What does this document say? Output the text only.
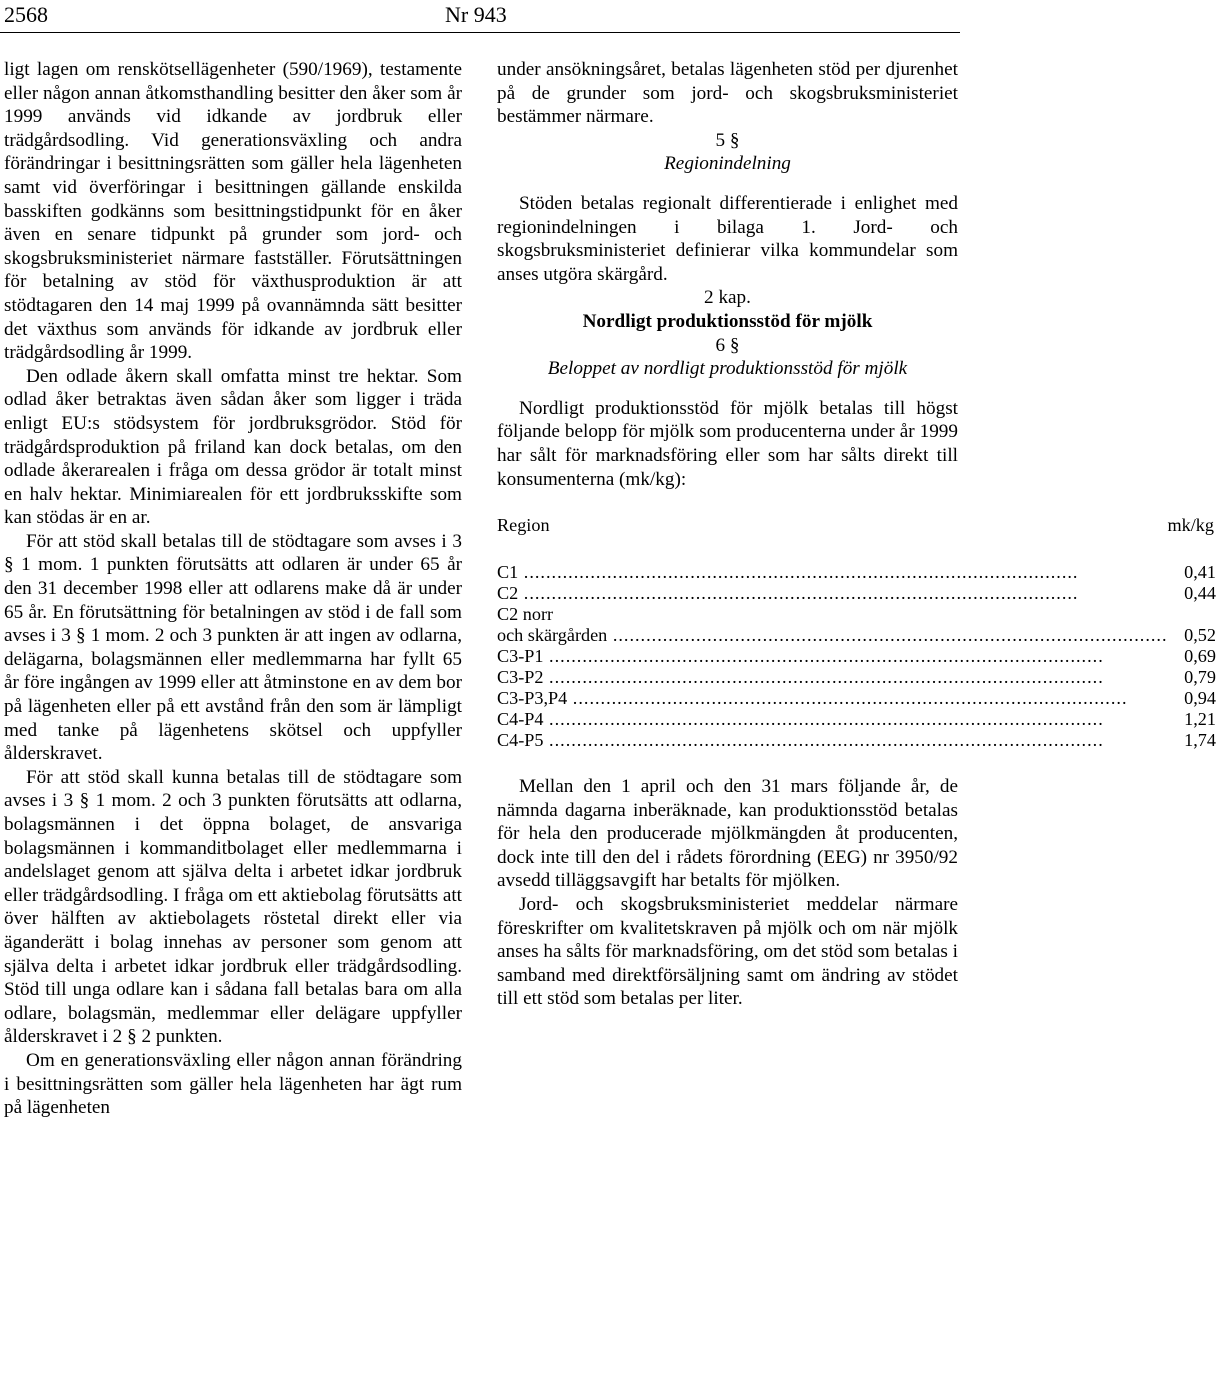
2568	Nr 943

ligt lagen om renskötsellägenheter (590/1969), testamente eller någon annan åtkomsthandling besitter den åker som år 1999 används vid idkande av jordbruk eller trädgårdsodling. Vid generationsväxling och andra förändringar i besittningsrätten som gäller hela lägenheten samt vid överföringar i besittningen gällande enskilda basskiften godkänns som besittningstidpunkt för en åker även en senare tidpunkt på grunder som jord- och skogsbruksministeriet närmare fastställer. Förutsättningen för betalning av stöd för växthusproduktion är att stödtagaren den 14 maj 1999 på ovannämnda sätt besitter det växthus som används för idkande av jordbruk eller trädgårdsodling år 1999.

Den odlade åkern skall omfatta minst tre hektar. Som odlad åker betraktas även sådan åker som ligger i träda enligt EU:s stödsystem för jordbruksgrödor. Stöd för trädgårdsproduktion på friland kan dock betalas, om den odlade åkerarealen i fråga om dessa grödor är totalt minst en halv hektar. Minimiarealen för ett jordbruksskifte som kan stödas är en ar.

För att stöd skall betalas till de stödtagare som avses i 3 § 1 mom. 1 punkten förutsätts att odlaren är under 65 år den 31 december 1998 eller att odlarens make då är under 65 år. En förutsättning för betalningen av stöd i de fall som avses i 3 § 1 mom. 2 och 3 punkten är att ingen av odlarna, delägarna, bolagsmännen eller medlemmarna har fyllt 65 år före ingången av 1999 eller att åtminstone en av dem bor på lägenheten eller på ett avstånd från den som är lämpligt med tanke på lägenhetens skötsel och uppfyller ålderskravet.

För att stöd skall kunna betalas till de stödtagare som avses i 3 § 1 mom. 2 och 3 punkten förutsätts att odlarna, bolagsmännen i det öppna bolaget, de ansvariga bolagsmännen i kommanditbolaget eller medlemmarna i andelslaget genom att själva delta i arbetet idkar jordbruk eller trädgårdsodling. I fråga om ett aktiebolag förutsätts att över hälften av aktiebolagets röstetal direkt eller via äganderätt i bolag innehas av personer som genom att själva delta i arbetet idkar jordbruk eller trädgårdsodling. Stöd till unga odlare kan i sådana fall betalas bara om alla odlare, bolagsmän, medlemmar eller delägare uppfyller ålderskravet i 2 § 2 punkten.

Om en generationsväxling eller någon annan förändring i besittningsrätten som gäller hela lägenheten har ägt rum på lägenheten

under ansökningsåret, betalas lägenheten stöd per djurenhet på de grunder som jord- och skogsbruksministeriet bestämmer närmare.

5 §

Regionindelning

Stöden betalas regionalt differentierade i enlighet med regionindelningen i bilaga 1. Jord- och skogsbruksministeriet definierar vilka kommundelar som anses utgöra skärgård.

2 kap.

Nordligt produktionsstöd för mjölk

6 §

Beloppet av nordligt produktionsstöd för mjölk

Nordligt produktionsstöd för mjölk betalas till högst följande belopp för mjölk som producenterna under år 1999 har sålt för marknadsföring eller som har sålts direkt till konsumenterna (mk/kg):

Region	mk/kg
C1 .....	0,41
C2 .....	0,44
C2 norr	
och skärgården .....	0,52
C3-P1 .....	0,69
C3-P2 .....	0,79
C3-P3,P4 .....	0,94
C4-P4 .....	1,21
C4-P5 .....	1,74

Mellan den 1 april och den 31 mars följande år, de nämnda dagarna inberäknade, kan produktionsstöd betalas för hela den producerade mjölkmängden åt producenten, dock inte till den del i rådets förordning (EEG) nr 3950/92 avsedd tilläggsavgift har betalts för mjölken.

Jord- och skogsbruksministeriet meddelar närmare föreskrifter om kvalitetskraven på mjölk och om när mjölk anses ha sålts för marknadsföring, om det stöd som betalas i samband med direktförsäljning samt om ändring av stödet till ett stöd som betalas per liter.
